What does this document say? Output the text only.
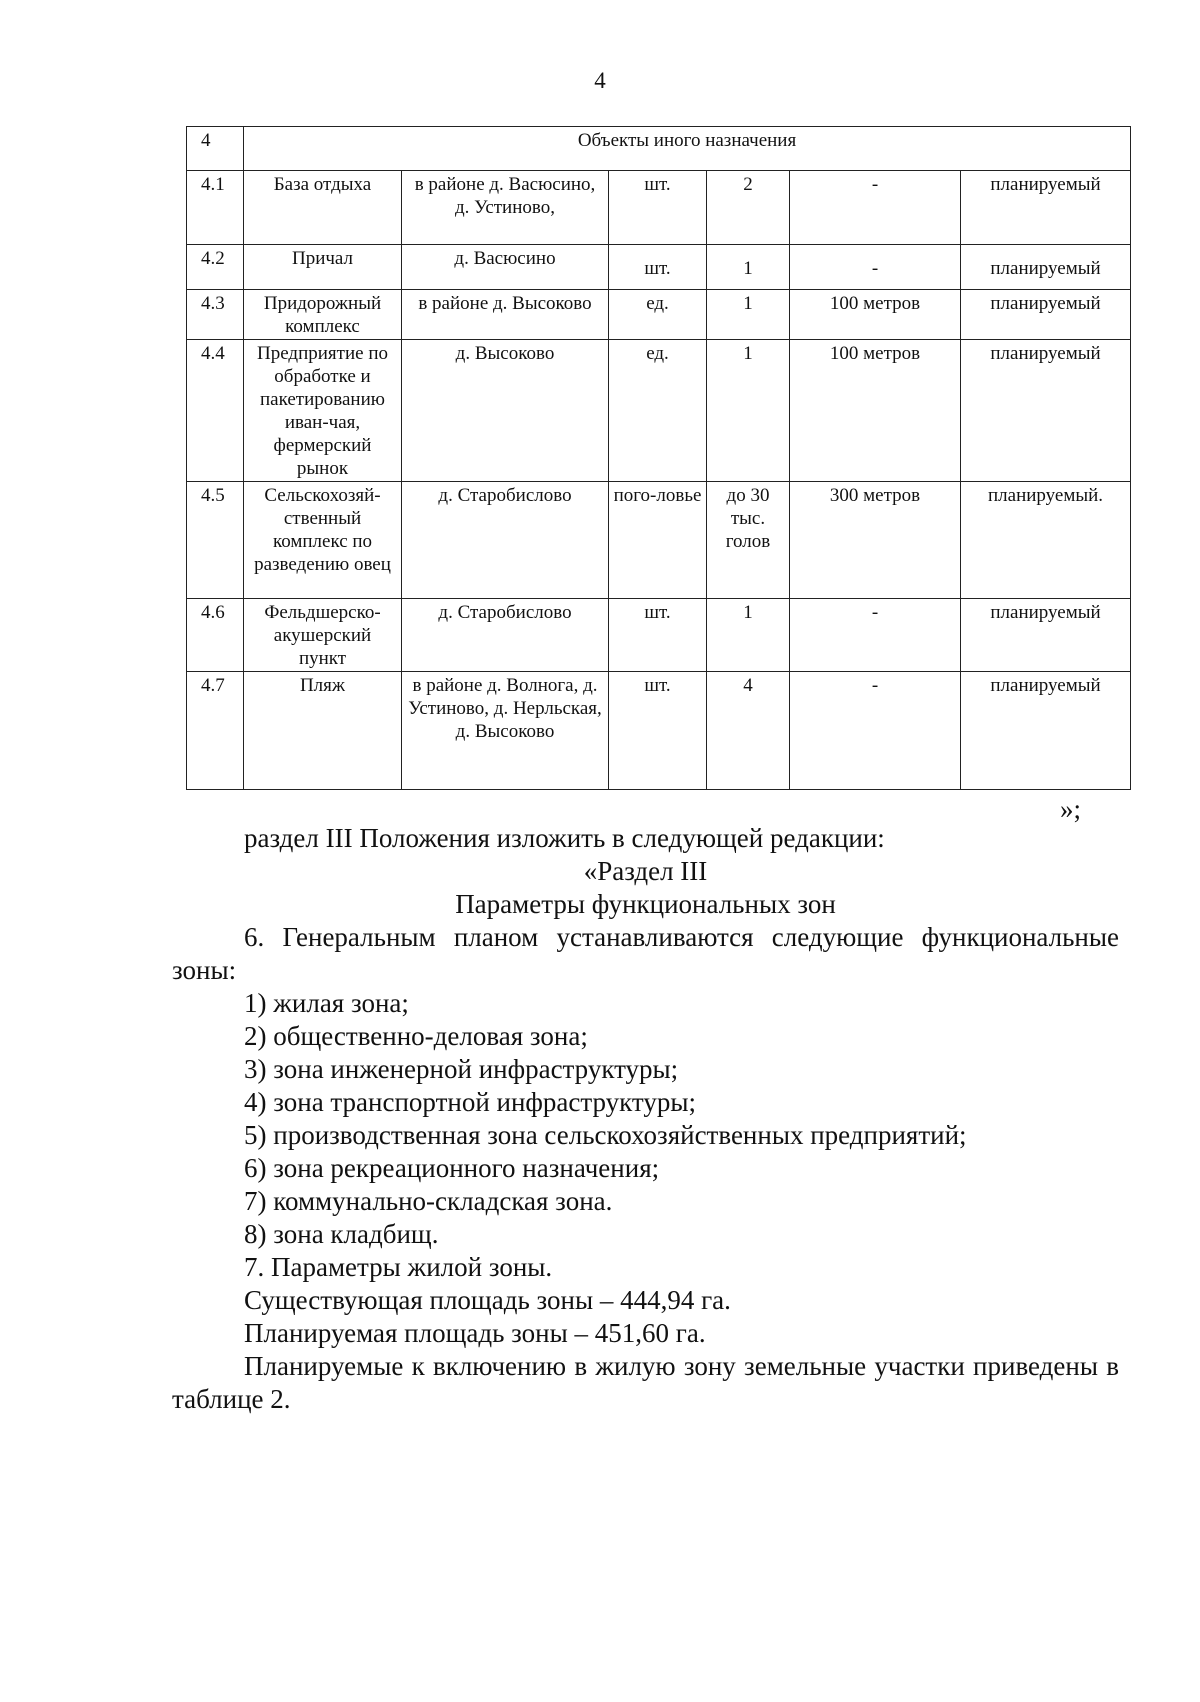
4
4	Объекты иного назначения					
4.1	База отдыха	в районе д. Васюсино, д. Устиново,	шт.	2	-	планируемый
4.2	Причал	д. Васюсино	шт.	1	-	планируемый
4.3	Придорожный комплекс	в районе д. Высоково	ед.	1	100 метров	планируемый
4.4	Предприятие по обработке и пакетированию иван-чая, фермерский рынок	д. Высоково	ед.	1	100 метров	планируемый
4.5	Сельскохозяй-ственный комплекс по разведению овец	д. Старобислово	пого-ловье	до 30 тыс. голов	300 метров	планируемый.
4.6	Фельдшерско-акушерский пункт	д. Старобислово	шт.	1	-	планируемый
4.7	Пляж	в районе д. Волнога, д. Устиново, д. Нерльская, д. Высоково	шт.	4	-	планируемый
»;

раздел III Положения изложить в следующей редакции:

«Раздел III

Параметры функциональных зон

6. Генеральным планом устанавливаются следующие функциональные зоны:

1) жилая зона;

2) общественно-деловая зона;

3) зона инженерной инфраструктуры;

4) зона транспортной инфраструктуры;

5) производственная зона сельскохозяйственных предприятий;

6) зона рекреационного назначения;

7) коммунально-складская зона.

8) зона кладбищ.

7. Параметры жилой зоны.

Существующая площадь зоны – 444,94 га.

Планируемая площадь зоны – 451,60 га.

Планируемые к включению в жилую зону земельные участки приведены в таблице 2.
